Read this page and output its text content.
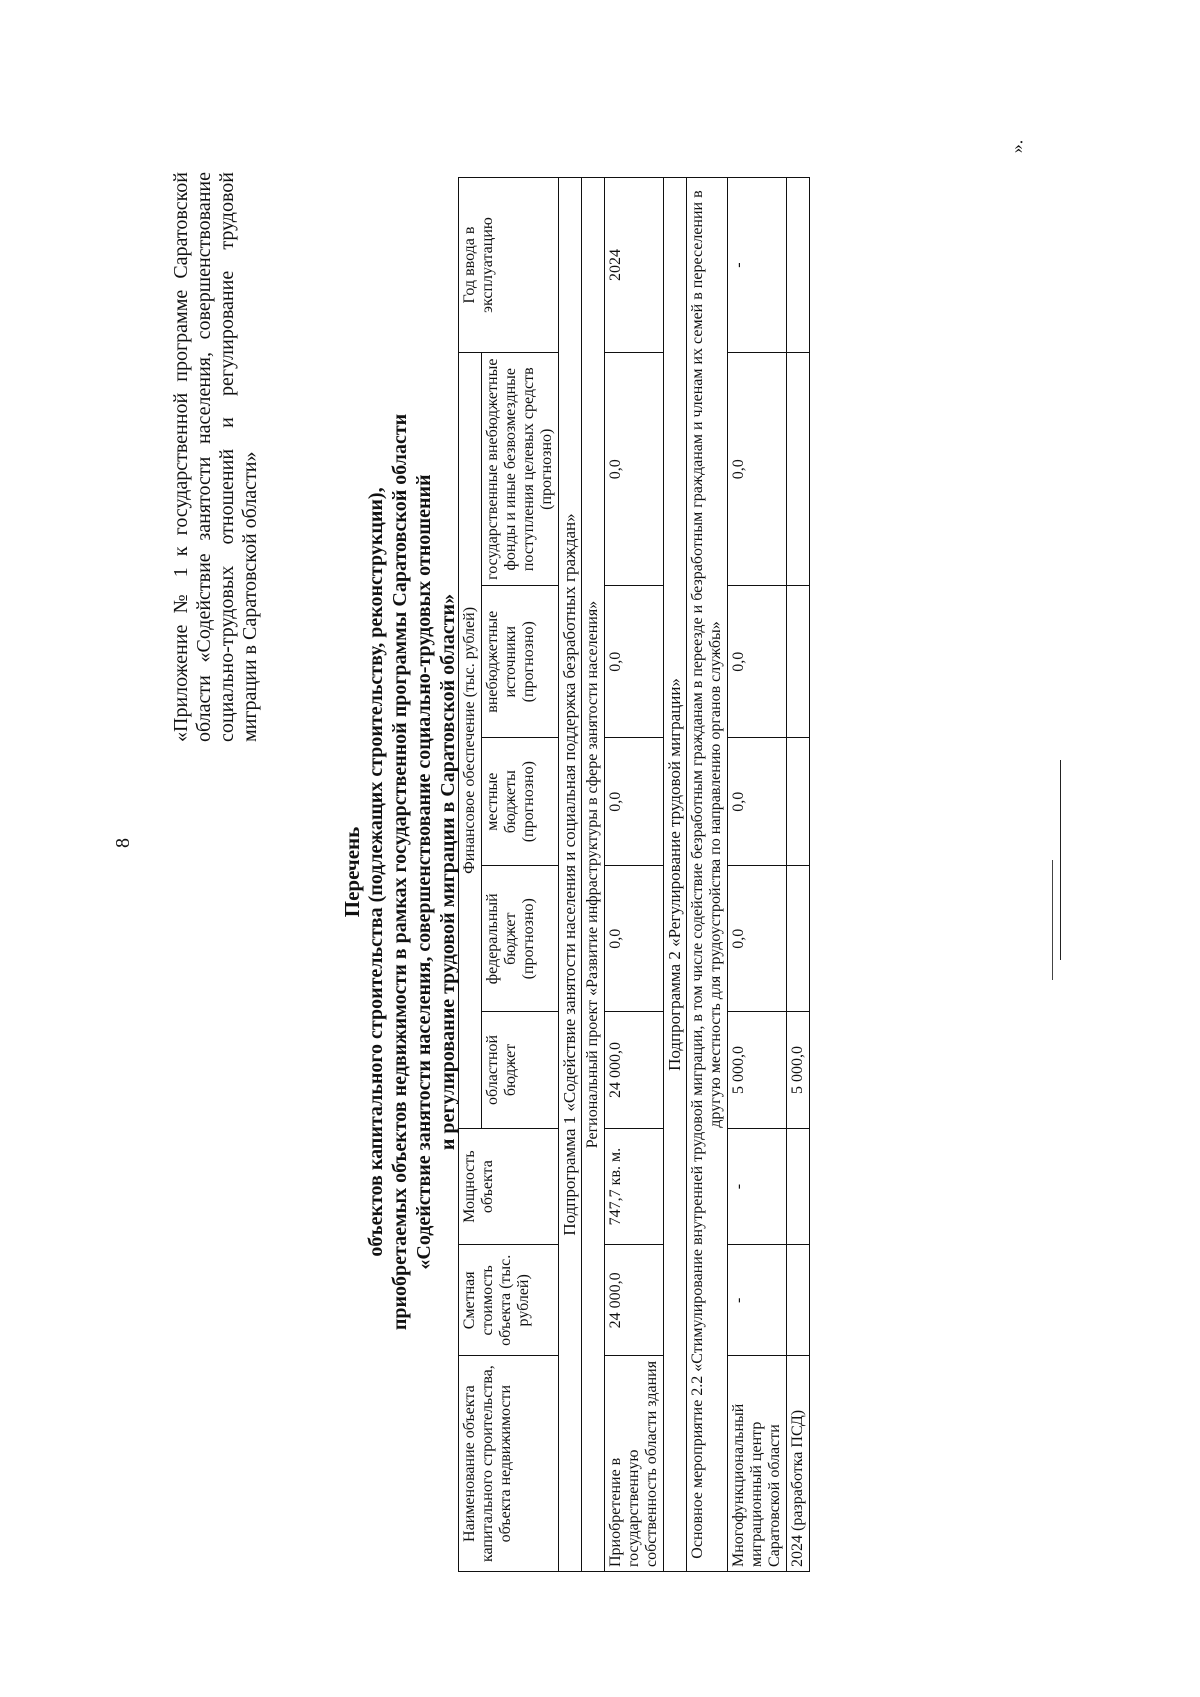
8
«Приложение № 1 к государственной программе Саратовской области «Содействие занятости населения, совершенствование социально-трудовых отношений и регулирование трудовой миграции в Саратовской области»
Перечень объектов капитального строительства (подлежащих строительству, реконструкции), приобретаемых объектов недвижимости в рамках государственной программы Саратовской области «Содействие занятости населения, совершенствование социально-трудовых отношений и регулирование трудовой миграции в Саратовской области»
Наименование объекта капитального строительства, объекта недвижимости	Сметная стоимость объекта (тыс. рублей)	Мощность объекта	Финансовое обеспечение (тыс. рублей)					Год ввода в эксплуатацию
			областной бюджет	федеральный бюджет (прогнозно)	местные бюджеты (прогнозно)	внебюджетные источники (прогнозно)	государственные внебюджетные фонды и иные безвозмездные поступления целевых средств (прогнозно)	
Подпрограмма 1 «Содействие занятости населения и социальная поддержка безработных граждан»								
Региональный проект «Развитие инфраструктуры в сфере занятости населения»								
Приобретение в государственную собственность области здания	24 000,0	747,7 кв. м.	24 000,0	0,0	0,0	0,0	0,0	2024
Подпрограмма 2 «Регулирование трудовой миграции»								
Основное мероприятие 2.2 «Стимулирование внутренней трудовой миграции, в том числе содействие безработным гражданам в переезде и безработным гражданам и членам их семей в переселении в другую местность для трудоустройства по направлению органов службы»								
Многофункциональный миграционный центр Саратовской области	-	-	5 000,0	0,0	0,0	0,0	0,0	-
2024 (разработка ПСД)			5 000,0					
».
